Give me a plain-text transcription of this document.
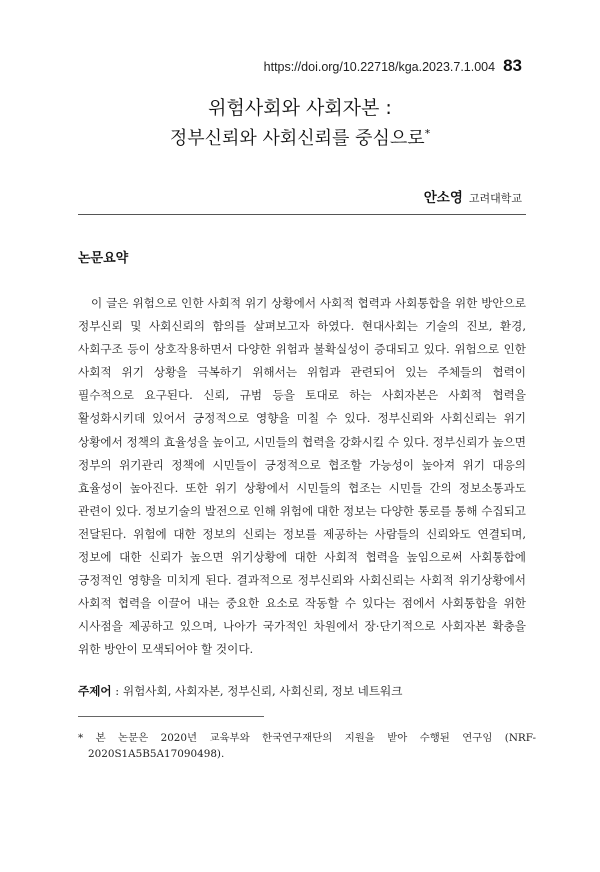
https://doi.org/10.22718/kga.2023.7.1.004 83
위험사회와 사회자본 :
정부신뢰와 사회신뢰를 중심으로*
안소영 고려대학교
논문요약

이 글은 위험으로 인한 사회적 위기 상황에서 사회적 협력과 사회통합을 위한 방안으로 정부신뢰 및 사회신뢰의 함의를 살펴보고자 하였다. 현대사회는 기술의 진보, 환경, 사회구조 등이 상호작용하면서 다양한 위험과 불확실성이 증대되고 있다. 위험으로 인한 사회적 위기 상황을 극복하기 위해서는 위험과 관련되어 있는 주체들의 협력이 필수적으로 요구된다. 신뢰, 규범 등을 토대로 하는 사회자본은 사회적 협력을 활성화시키데 있어서 긍정적으로 영향을 미칠 수 있다. 정부신뢰와 사회신뢰는 위기 상황에서 정책의 효율성을 높이고, 시민들의 협력을 강화시킬 수 있다. 정부신뢰가 높으면 정부의 위기관리 정책에 시민들이 긍정적으로 협조할 가능성이 높아져 위기 대응의 효율성이 높아진다. 또한 위기 상황에서 시민들의 협조는 시민들 간의 정보소통과도 관련이 있다. 정보기술의 발전으로 인해 위험에 대한 정보는 다양한 통로를 통해 수집되고 전달된다. 위험에 대한 정보의 신뢰는 정보를 제공하는 사람들의 신뢰와도 연결되며, 정보에 대한 신뢰가 높으면 위기상황에 대한 사회적 협력을 높임으로써 사회통합에 긍정적인 영향을 미치게 된다. 결과적으로 정부신뢰와 사회신뢰는 사회적 위기상황에서 사회적 협력을 이끌어 내는 중요한 요소로 작동할 수 있다는 점에서 사회통합을 위한 시사점을 제공하고 있으며, 나아가 국가적인 차원에서 장·단기적으로 사회자본 확충을 위한 방안이 모색되어야 할 것이다.

주제어 : 위험사회, 사회자본, 정부신뢰, 사회신뢰, 정보 네트워크

* 본 논문은 2020년 교육부와 한국연구재단의 지원을 받아 수행된 연구임 (NRF-2020S1A5B5A17090498).
